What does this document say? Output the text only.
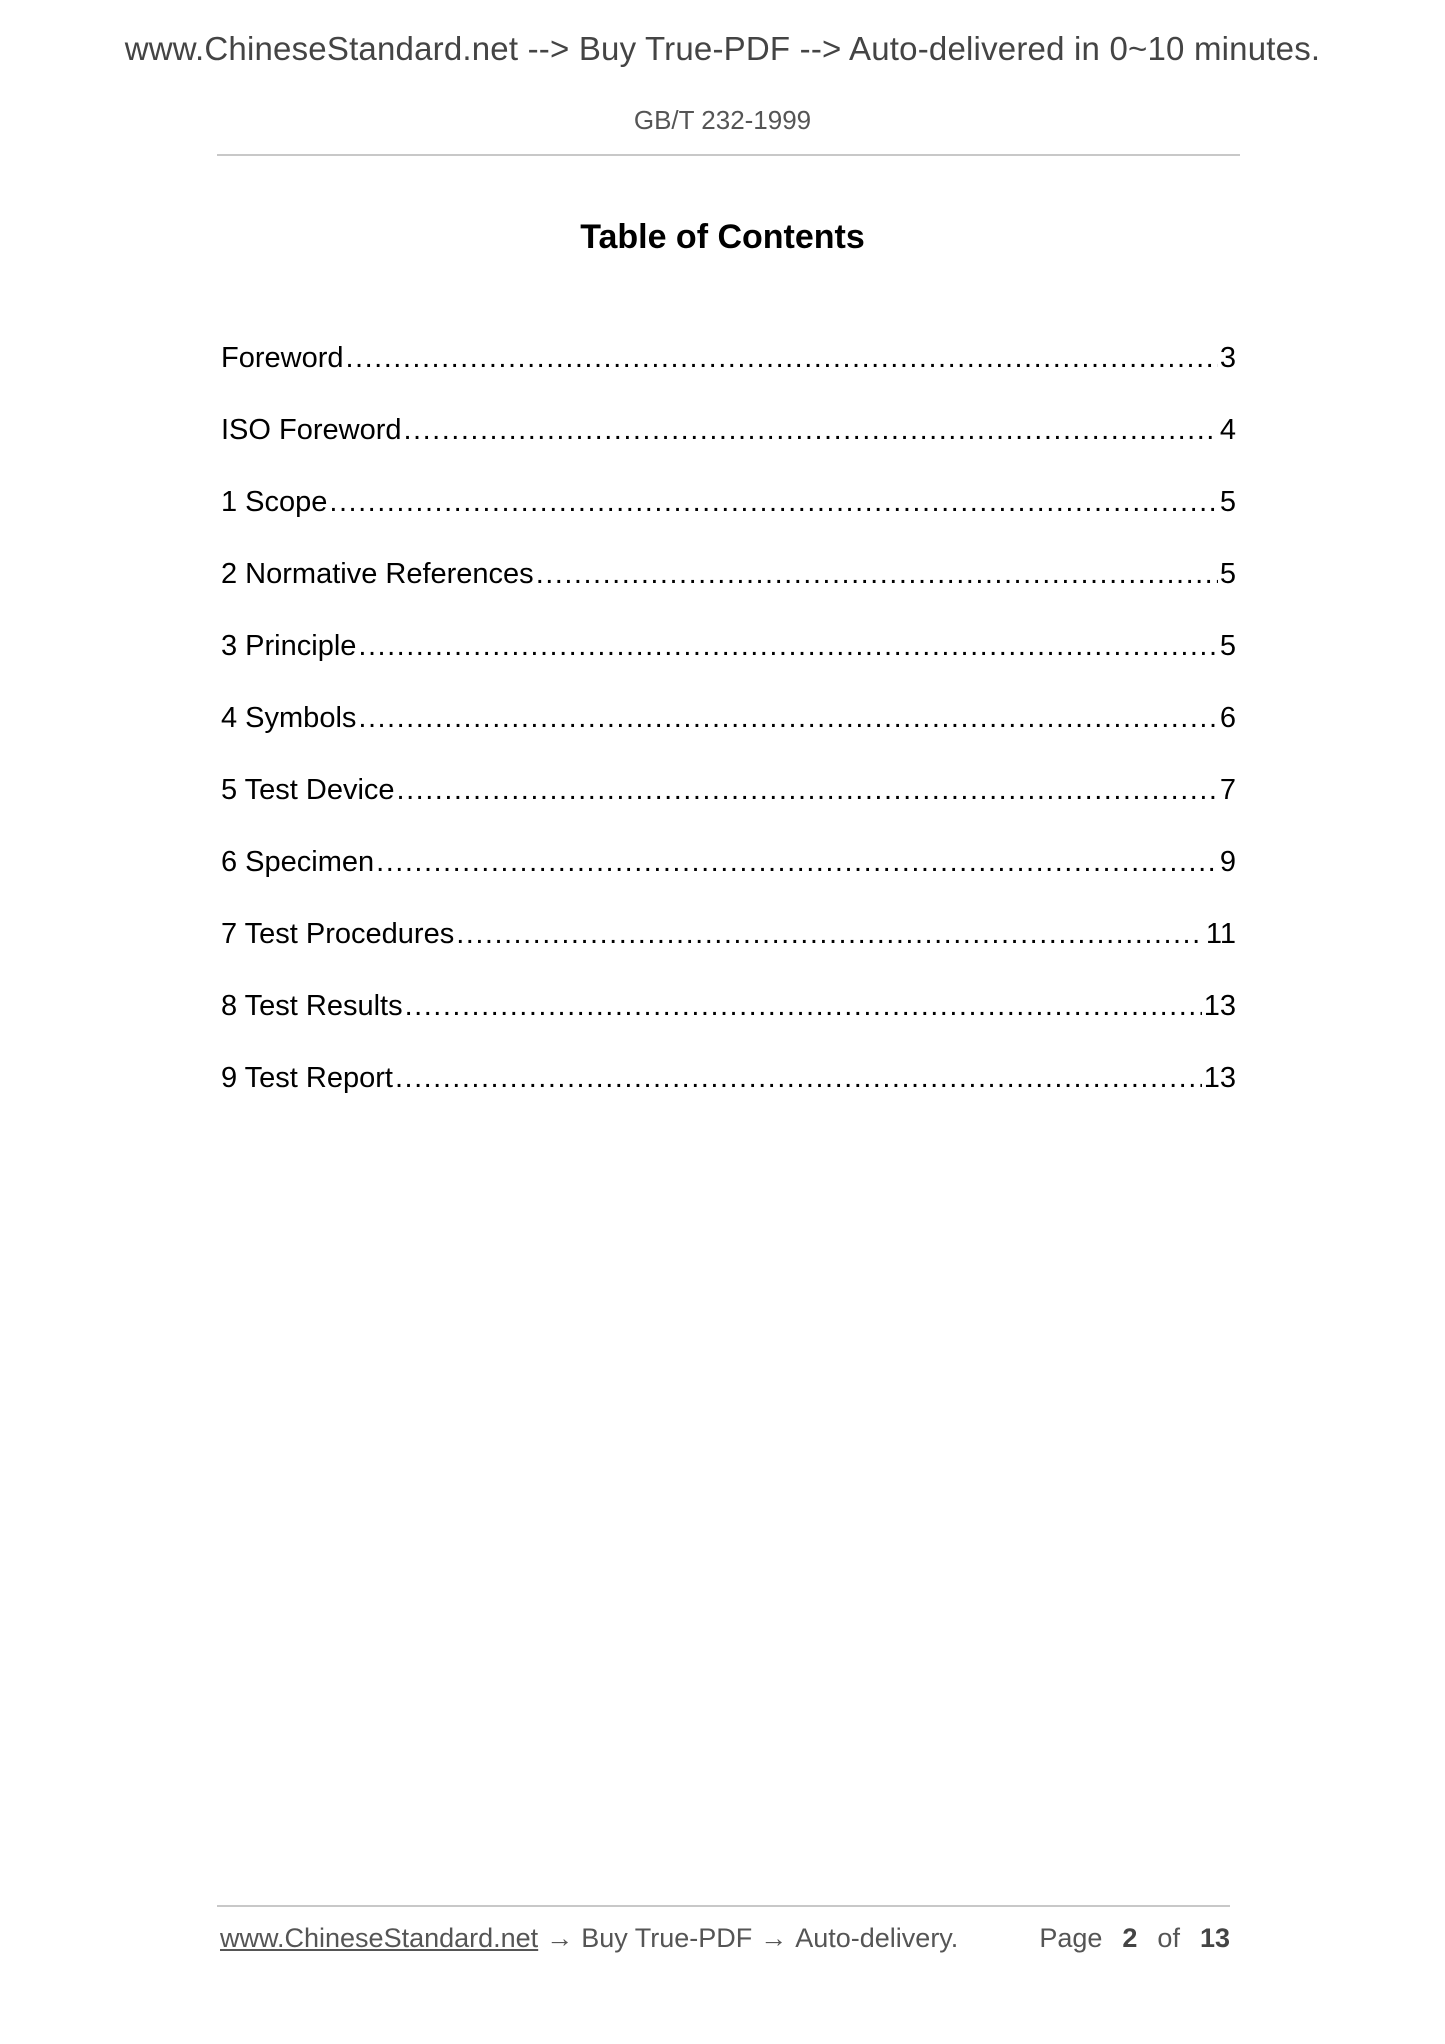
www.ChineseStandard.net --> Buy True-PDF --> Auto-delivered in 0~10 minutes.
GB/T 232-1999
Table of Contents
Foreword .....	3
ISO Foreword .....	4
1 Scope .....	5
2 Normative References .....	5
3 Principle .....	5
4 Symbols .....	6
5 Test Device .....	7
6 Specimen .....	9
7 Test Procedures .....	11
8 Test Results .....	13
9 Test Report .....	13
www.ChineseStandard.net → Buy True-PDF → Auto-delivery.	Page 2 of 13
